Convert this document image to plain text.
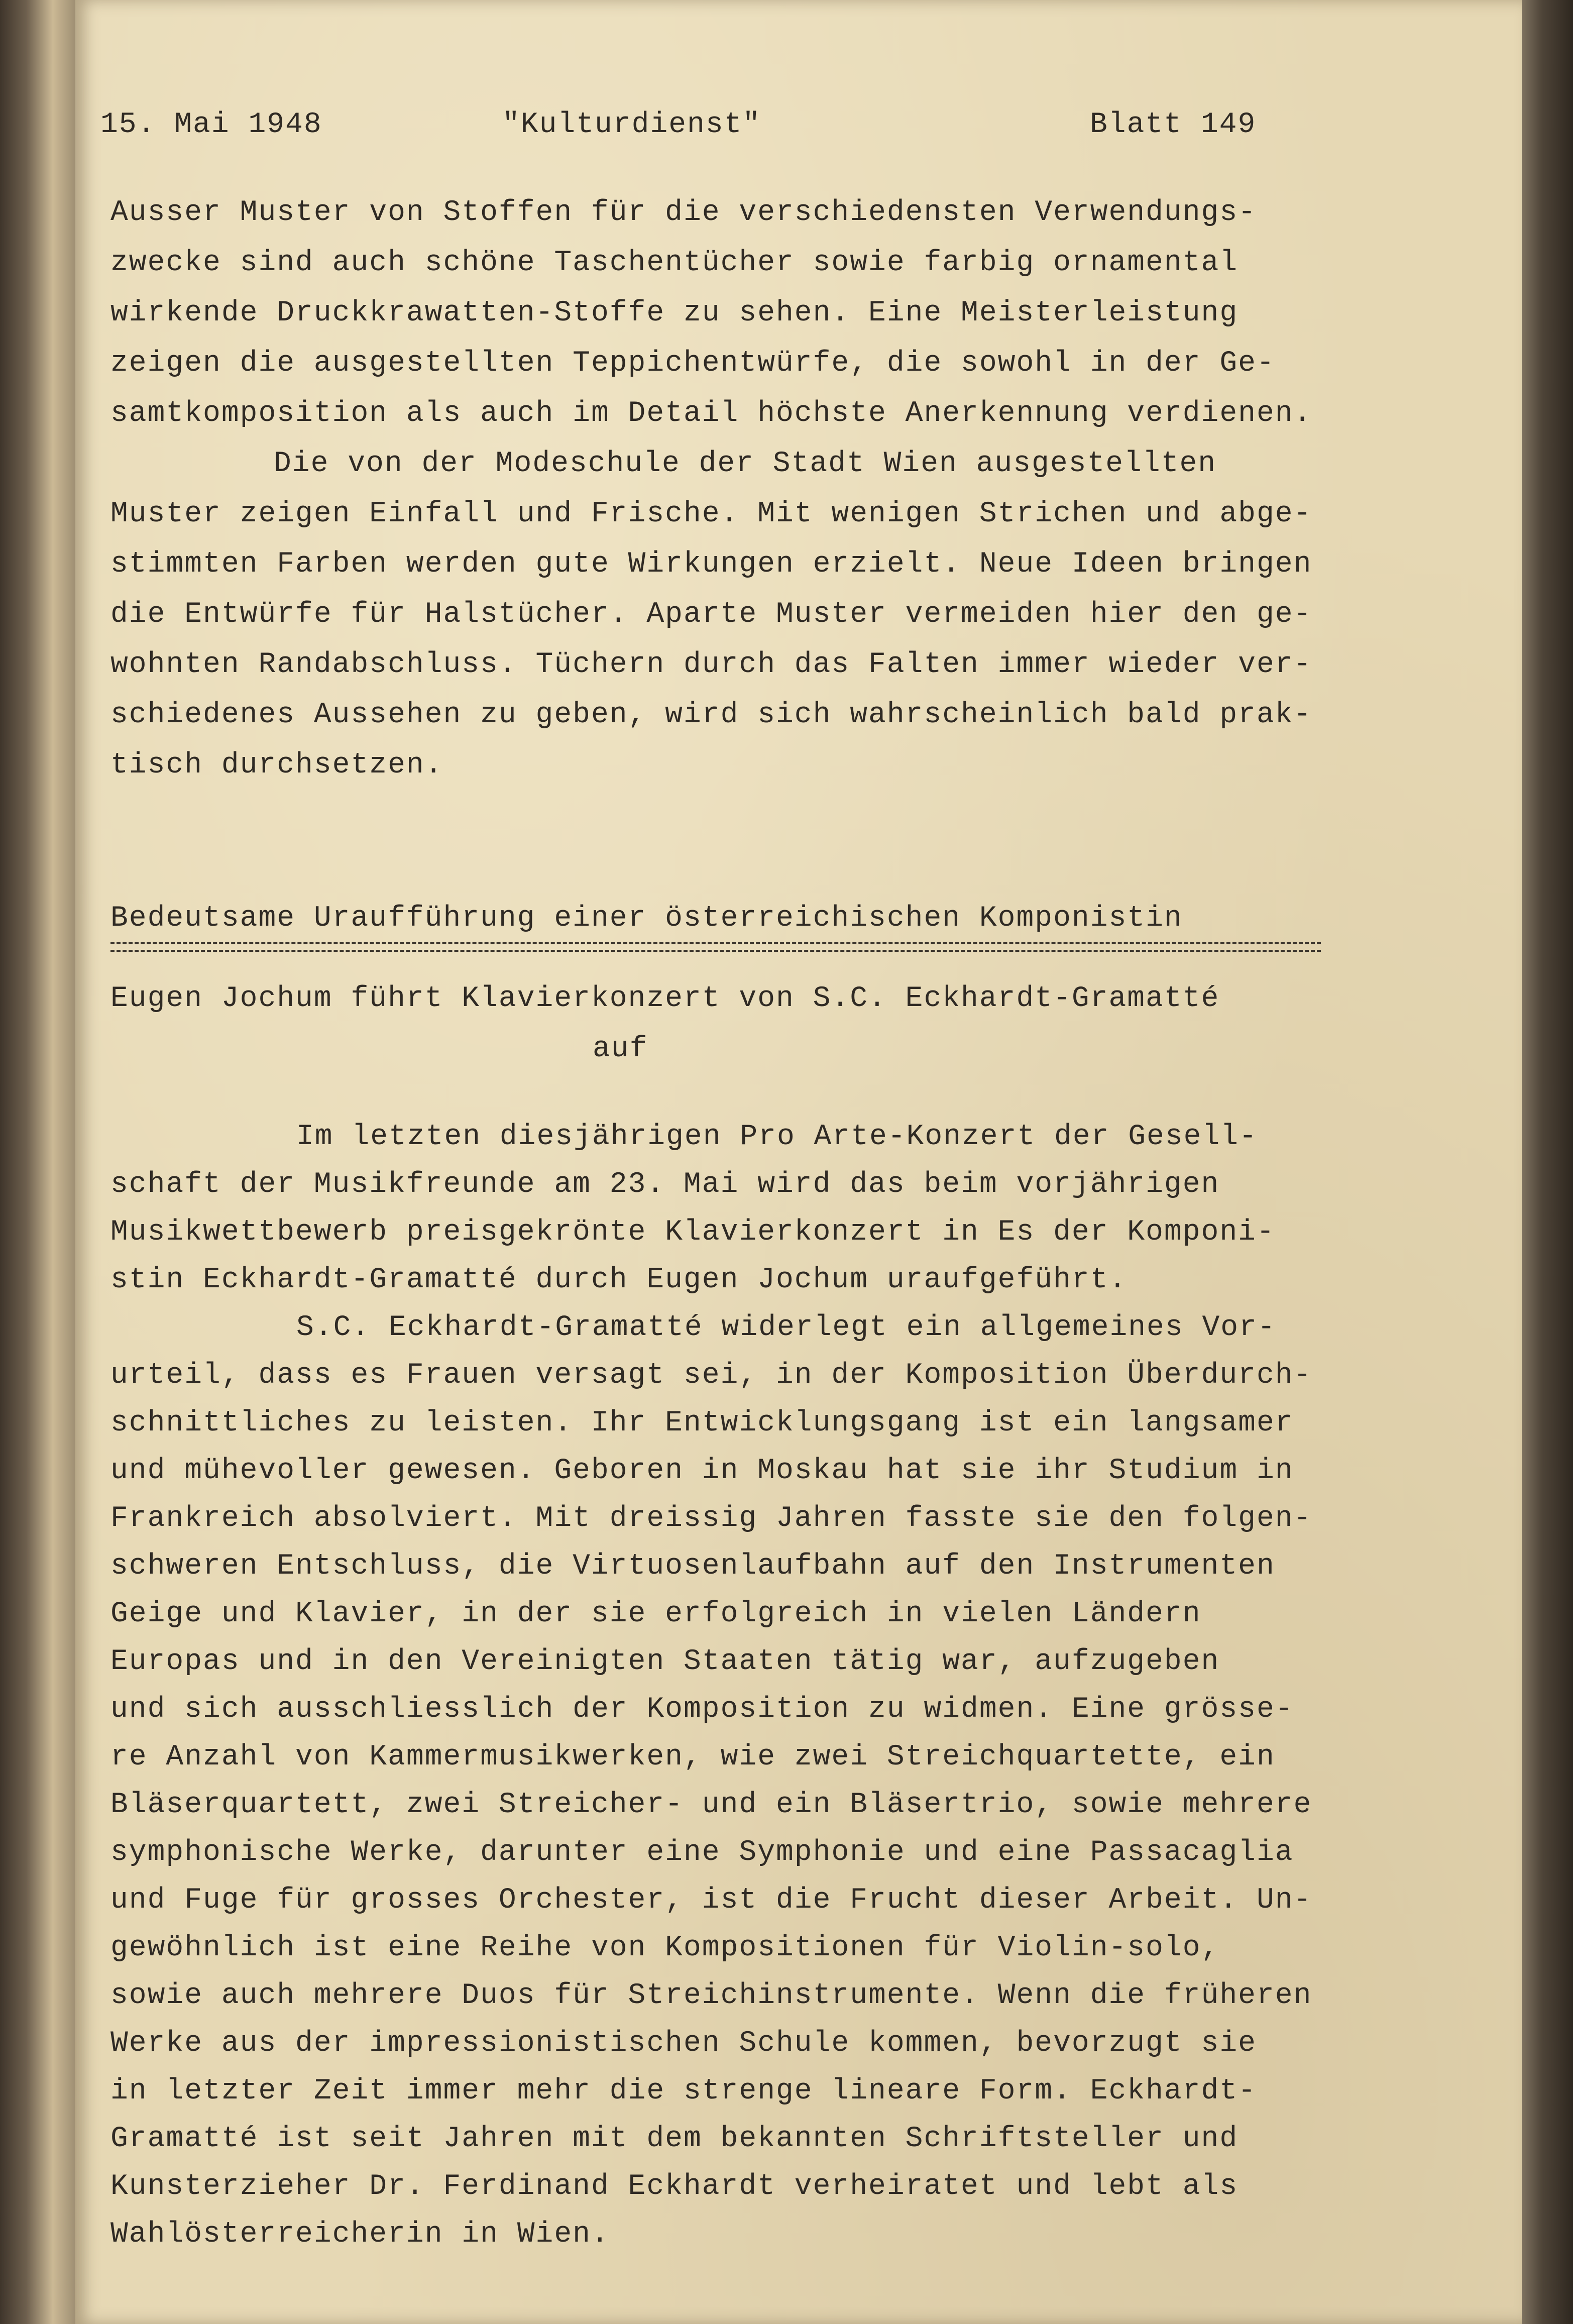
15. Mai 1948	"Kulturdienst"	Blatt 149
Ausser Muster von Stoffen für die verschiedensten Verwendungs-
zwecke sind auch schöne Taschentücher sowie farbig ornamental
wirkende Druckkrawatten-Stoffe zu sehen. Eine Meisterleistung
zeigen die ausgestellten Teppichentwürfe, die sowohl in der Ge-
samtkomposition als auch im Detail höchste Anerkennung verdienen.
Die von der Modeschule der Stadt Wien ausgestellten
Muster zeigen Einfall und Frische. Mit wenigen Strichen und abge-
stimmten Farben werden gute Wirkungen erzielt. Neue Ideen bringen
die Entwürfe für Halstücher. Aparte Muster vermeiden hier den ge-
wohnten Randabschluss. Tüchern durch das Falten immer wieder ver-
schiedenes Aussehen zu geben, wird sich wahrscheinlich bald prak-
tisch durchsetzen.
Bedeutsame Uraufführung einer österreichischen Komponistin
Eugen Jochum führt Klavierkonzert von S.C. Eckhardt-Gramatté
auf
Im letzten diesjährigen Pro Arte-Konzert der Gesell-
schaft der Musikfreunde am 23. Mai wird das beim vorjährigen
Musikwettbewerb preisgekrönte Klavierkonzert in Es der Komponi-
stin Eckhardt-Gramatté durch Eugen Jochum uraufgeführt.
S.C. Eckhardt-Gramatté widerlegt ein allgemeines Vor-
urteil, dass es Frauen versagt sei, in der Komposition Überdurch-
schnittliches zu leisten. Ihr Entwicklungsgang ist ein langsamer
und mühevoller gewesen. Geboren in Moskau hat sie ihr Studium in
Frankreich absolviert. Mit dreissig Jahren fasste sie den folgen-
schweren Entschluss, die Virtuosenlaufbahn auf den Instrumenten
Geige und Klavier, in der sie erfolgreich in vielen Ländern
Europas und in den Vereinigten Staaten tätig war, aufzugeben
und sich ausschliesslich der Komposition zu widmen. Eine grösse-
re Anzahl von Kammermusikwerken, wie zwei Streichquartette, ein
Bläserquartett, zwei Streicher- und ein Bläsertrio, sowie mehrere
symphonische Werke, darunter eine Symphonie und eine Passacaglia
und Fuge für grosses Orchester, ist die Frucht dieser Arbeit. Un-
gewöhnlich ist eine Reihe von Kompositionen für Violin-solo,
sowie auch mehrere Duos für Streichinstrumente. Wenn die früheren
Werke aus der impressionistischen Schule kommen, bevorzugt sie
in letzter Zeit immer mehr die strenge lineare Form. Eckhardt-
Gramatté ist seit Jahren mit dem bekannten Schriftsteller und
Kunsterzieher Dr. Ferdinand Eckhardt verheiratet und lebt als
Wahlösterreicherin in Wien.
